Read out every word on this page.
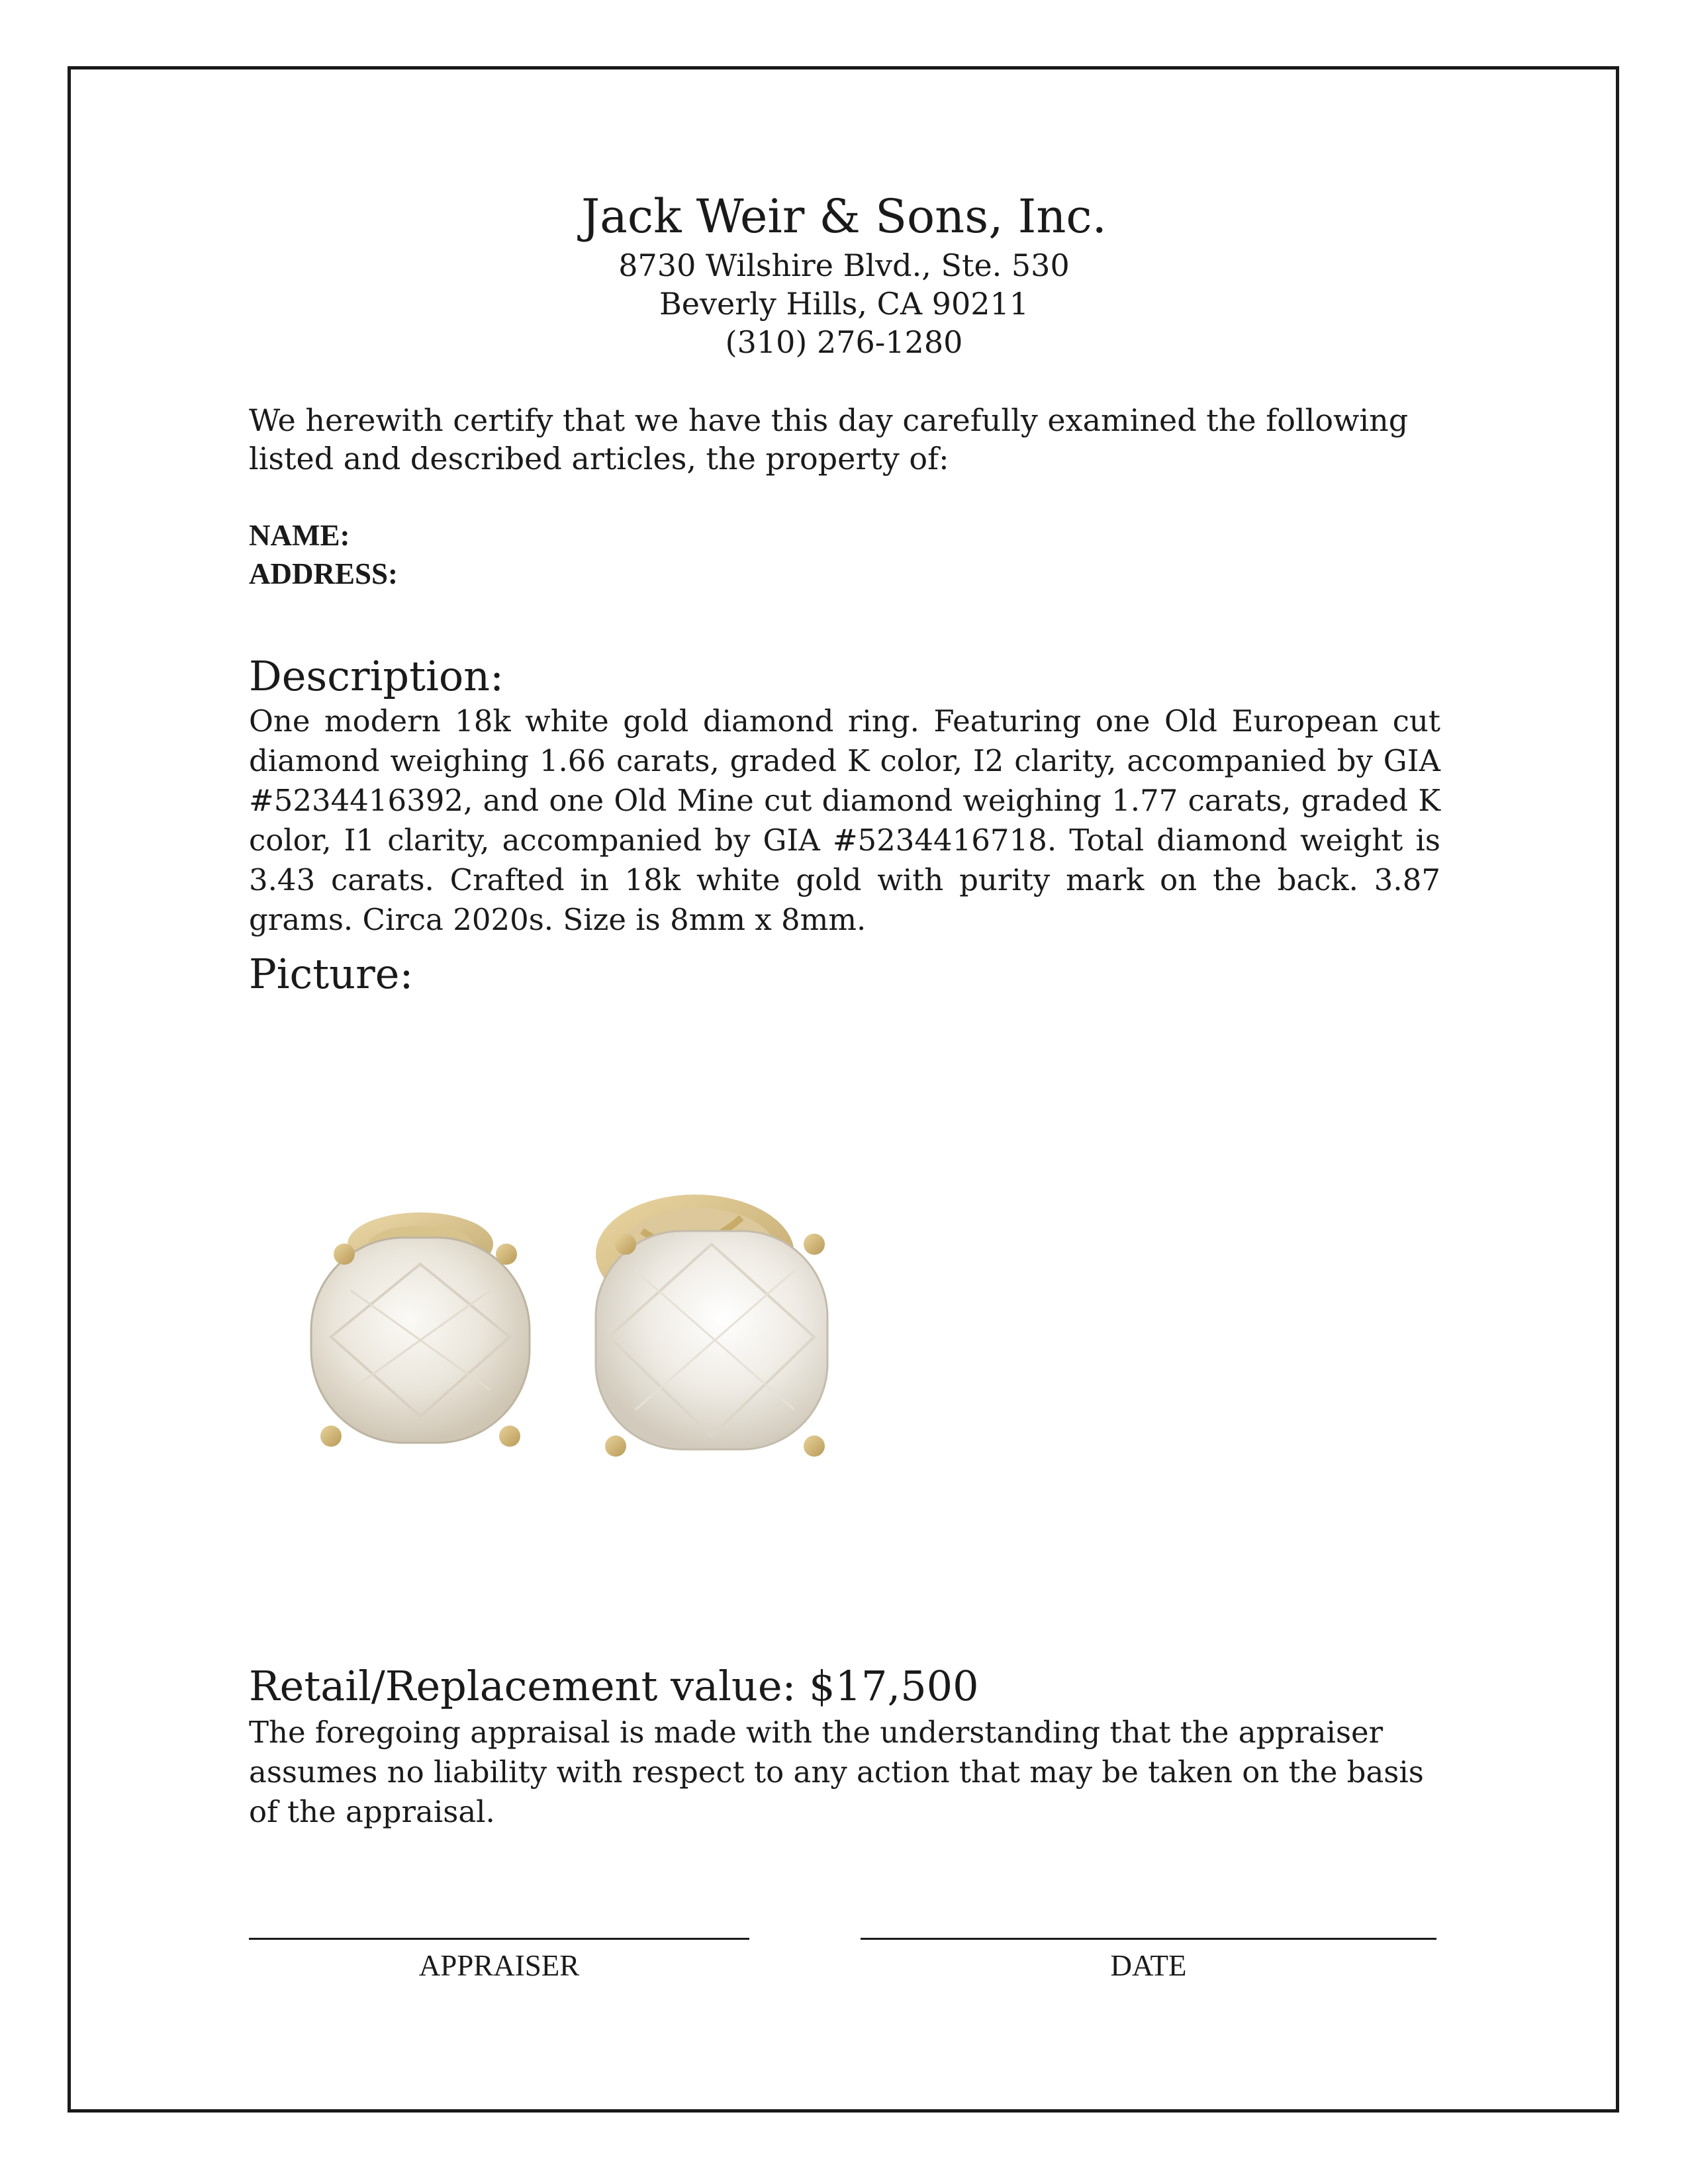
Jack Weir & Sons, Inc.
8730 Wilshire Blvd., Ste. 530
Beverly Hills, CA 90211
(310) 276-1280
We herewith certify that we have this day carefully examined the following listed and described articles, the property of:
NAME:
ADDRESS:
Description:
One modern 18k white gold diamond ring. Featuring one Old European cut diamond weighing 1.66 carats, graded K color, I2 clarity, accompanied by GIA #5234416392, and one Old Mine cut diamond weighing 1.77 carats, graded K color, I1 clarity, accompanied by GIA #5234416718. Total diamond weight is 3.43 carats. Crafted in 18k white gold with purity mark on the back. 3.87 grams. Circa 2020s. Size is 8mm x 8mm.
Picture:
Retail/Replacement value: $17,500
The foregoing appraisal is made with the understanding that the appraiser assumes no liability with respect to any action that may be taken on the basis of the appraisal.
APPRAISER	DATE
